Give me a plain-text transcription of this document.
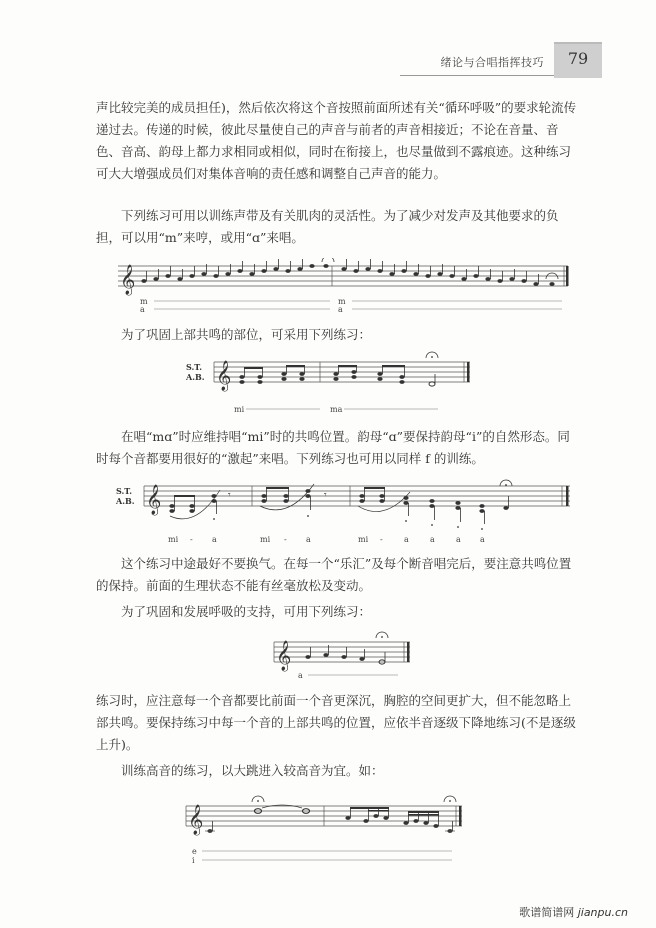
绪论与合唱指挥技巧	79

声比较完美的成员担任)，然后依次将这个音按照前面所述有关“循环呼吸”的要求轮流传递过去。传递的时候，彼此尽量使自己的声音与前者的声音相接近；不论在音量、音色、音高、韵母上都力求相同或相似，同时在衔接上，也尽量做到不露痕迹。这种练习可大大增强成员们对集体音响的责任感和调整自己声音的能力。

下列练习可用以训练声带及有关肌肉的灵活性。为了减少对发声及其他要求的负担，可以用“m”来哼，或用“ɑ”来唱。

𝄞
m
a
m
a

为了巩固上部共鸣的部位，可采用下列练习：

S.T.
A.B. 𝄞
mi	ma

在唱“mɑ”时应维持唱“mi”时的共鸣位置。韵母“ɑ”要保持韵母“i”的自然形态。同时每个音都要用很好的“激起”来唱。下列练习也可用以同样 f 的训练。

S.T.
A.B. 𝄞	𝄾	𝄾
mi - a	mi - a	mi -	a	a	a a

这个练习中途最好不要换气。在每一个“乐汇”及每个断音唱完后，要注意共鸣位置的保持。前面的生理状态不能有丝毫放松及变动。

为了巩固和发展呼吸的支持，可用下列练习：

𝄞
a

练习时，应注意每一个音都要比前面一个音更深沉，胸腔的空间更扩大，但不能忽略上部共鸣。要保持练习中每一个音的上部共鸣的位置，应依半音逐级下降地练习(不是逐级上升)。

训练高音的练习，以大跳进入较高音为宜。如：

𝄞
e
i
歌谱简谱网 jianpu.cn
